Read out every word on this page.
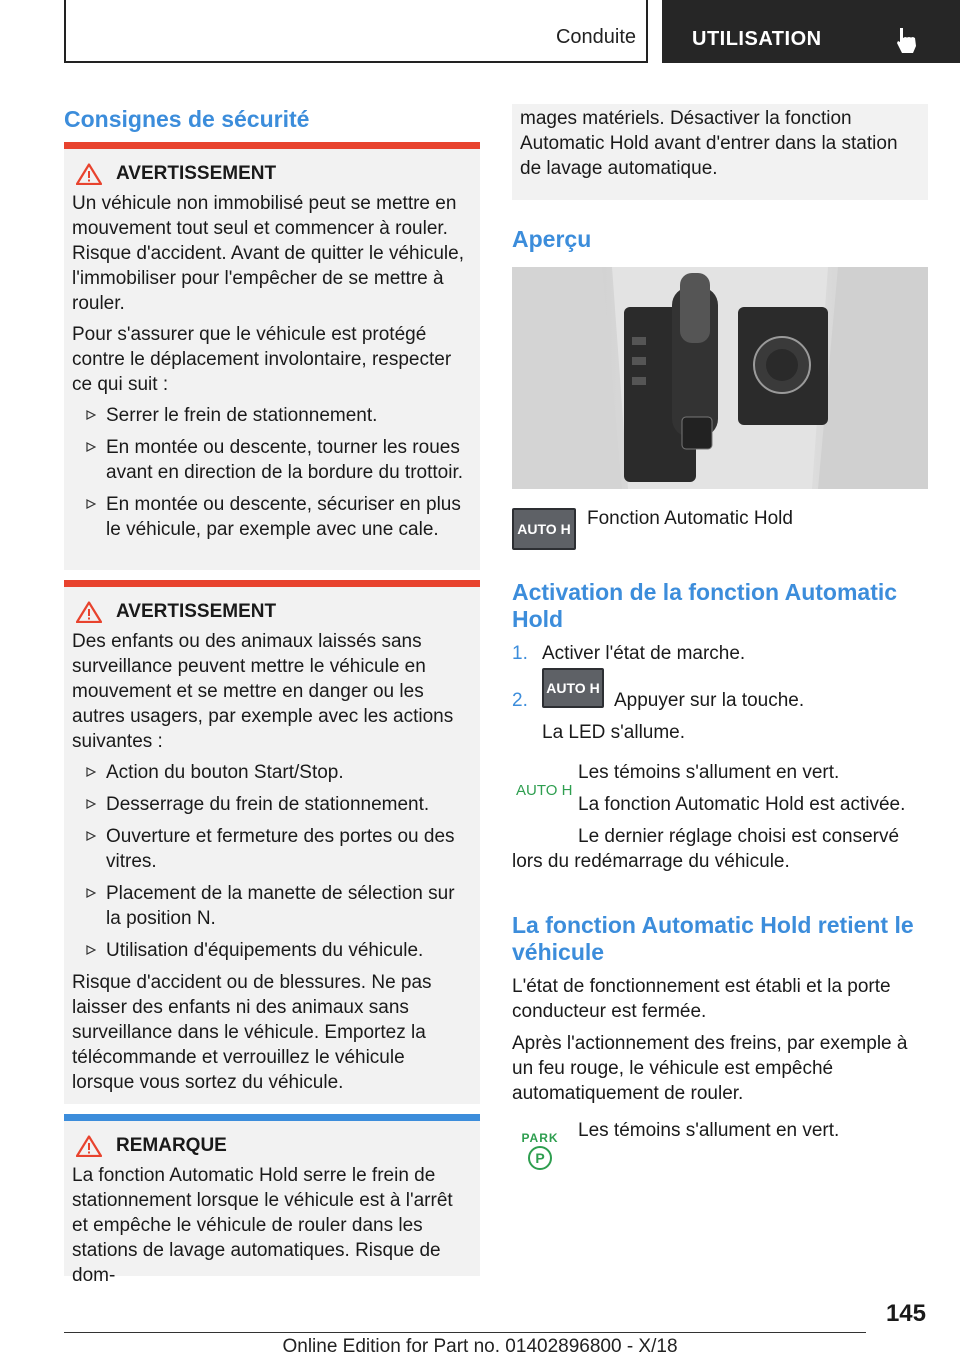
Conduite	UTILISATION
Consignes de sécurité
AVERTISSEMENT

Un véhicule non immobilisé peut se mettre en mouvement tout seul et commencer à rouler. Risque d'accident. Avant de quitter le véhicule, l'immobiliser pour l'empêcher de se mettre à rouler.

Pour s'assurer que le véhicule est protégé contre le déplacement involontaire, respecter ce qui suit :

Serrer le frein de stationnement.
En montée ou descente, tourner les roues avant en direction de la bordure du trottoir.
En montée ou descente, sécuriser en plus le véhicule, par exemple avec une cale.
AVERTISSEMENT

Des enfants ou des animaux laissés sans surveillance peuvent mettre le véhicule en mouvement et se mettre en danger ou les autres usagers, par exemple avec les actions suivantes :

Action du bouton Start/Stop.
Desserrage du frein de stationnement.
Ouverture et fermeture des portes ou des vitres.
Placement de la manette de sélection sur la position N.
Utilisation d'équipements du véhicule.

Risque d'accident ou de blessures. Ne pas laisser des enfants ni des animaux sans surveillance dans le véhicule. Emportez la télécommande et verrouillez le véhicule lorsque vous sortez du véhicule.

REMARQUE

La fonction Automatic Hold serre le frein de stationnement lorsque le véhicule est à l'arrêt et empêche le véhicule de rouler dans les stations de lavage automatiques. Risque de dom-

mages matériels. Désactiver la fonction Automatic Hold avant d'entrer dans la station de lavage automatique.

Aperçu
AUTO H Fonction Automatic Hold

Activation de la fonction Automatic Hold
1. Activer l'état de marche.
2.
AUTO H
Appuyer sur la touche.

La LED s'allume.

AUTO H

Les témoins s'allument en vert.

La fonction Automatic Hold est activée.

Le dernier réglage choisi est conservé

lors du redémarrage du véhicule.

La fonction Automatic Hold retient le véhicule

L'état de fonctionnement est établi et la porte conducteur est fermée.

Après l'actionnement des freins, par exemple à un feu rouge, le véhicule est empêché automatiquement de rouler.

PARK
P

Les témoins s'allument en vert.

145
Online Edition for Part no. 01402896800 - X/18
